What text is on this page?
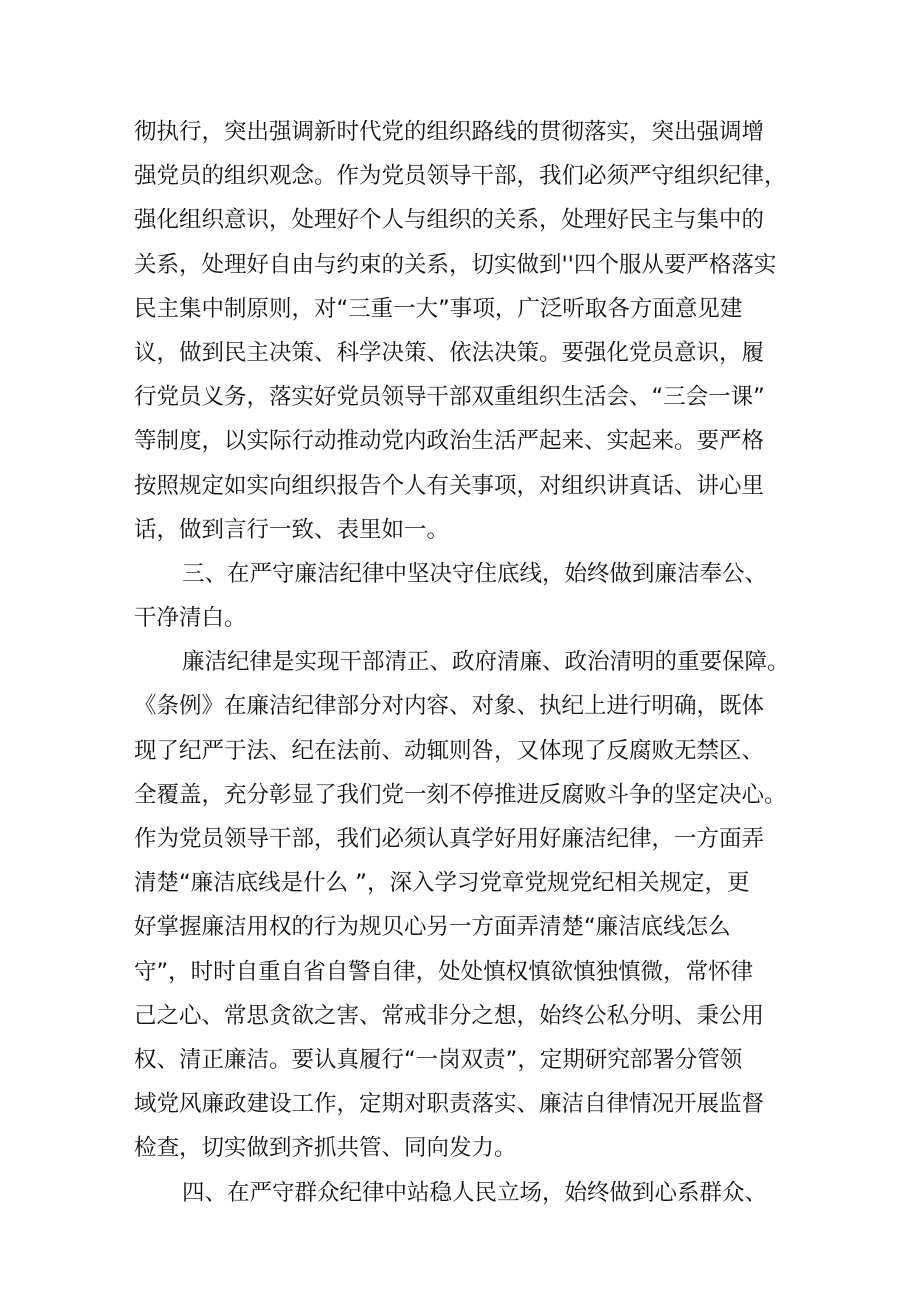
彻执行，突出强调新时代党的组织路线的贯彻落实，突出强调增
强党员的组织观念。作为党员领导干部，我们必须严守组织纪律，
强化组织意识，处理好个人与组织的关系，处理好民主与集中的
关系，处理好自由与约束的关系，切实做到''四个服从要严格落实
民主集中制原则，对“三重一大”事项，广泛听取各方面意见建
议，做到民主决策、科学决策、依法决策。要强化党员意识，履
行党员义务，落实好党员领导干部双重组织生活会、“三会一课”
等制度，以实际行动推动党内政治生活严起来、实起来。要严格
按照规定如实向组织报告个人有关事项，对组织讲真话、讲心里
话，做到言行一致、表里如一。
三、在严守廉洁纪律中坚决守住底线，始终做到廉洁奉公、
干净清白。
廉洁纪律是实现干部清正、政府清廉、政治清明的重要保障。
《条例》在廉洁纪律部分对内容、对象、执纪上进行明确，既体
现了纪严于法、纪在法前、动辄则咎，又体现了反腐败无禁区、
全覆盖，充分彰显了我们党一刻不停推进反腐败斗争的坚定决心。
作为党员领导干部，我们必须认真学好用好廉洁纪律，一方面弄
清楚“廉洁底线是什么 ”，深入学习党章党规党纪相关规定，更
好掌握廉洁用权的行为规贝心另一方面弄清楚“廉洁底线怎么
守”，时时自重自省自警自律，处处慎权慎欲慎独慎微，常怀律
己之心、常思贪欲之害、常戒非分之想，始终公私分明、秉公用
权、清正廉洁。要认真履行“一岗双责”，定期研究部署分管领
域党风廉政建设工作，定期对职责落实、廉洁自律情况开展监督
检查，切实做到齐抓共管、同向发力。
四、在严守群众纪律中站稳人民立场，始终做到心系群众、
